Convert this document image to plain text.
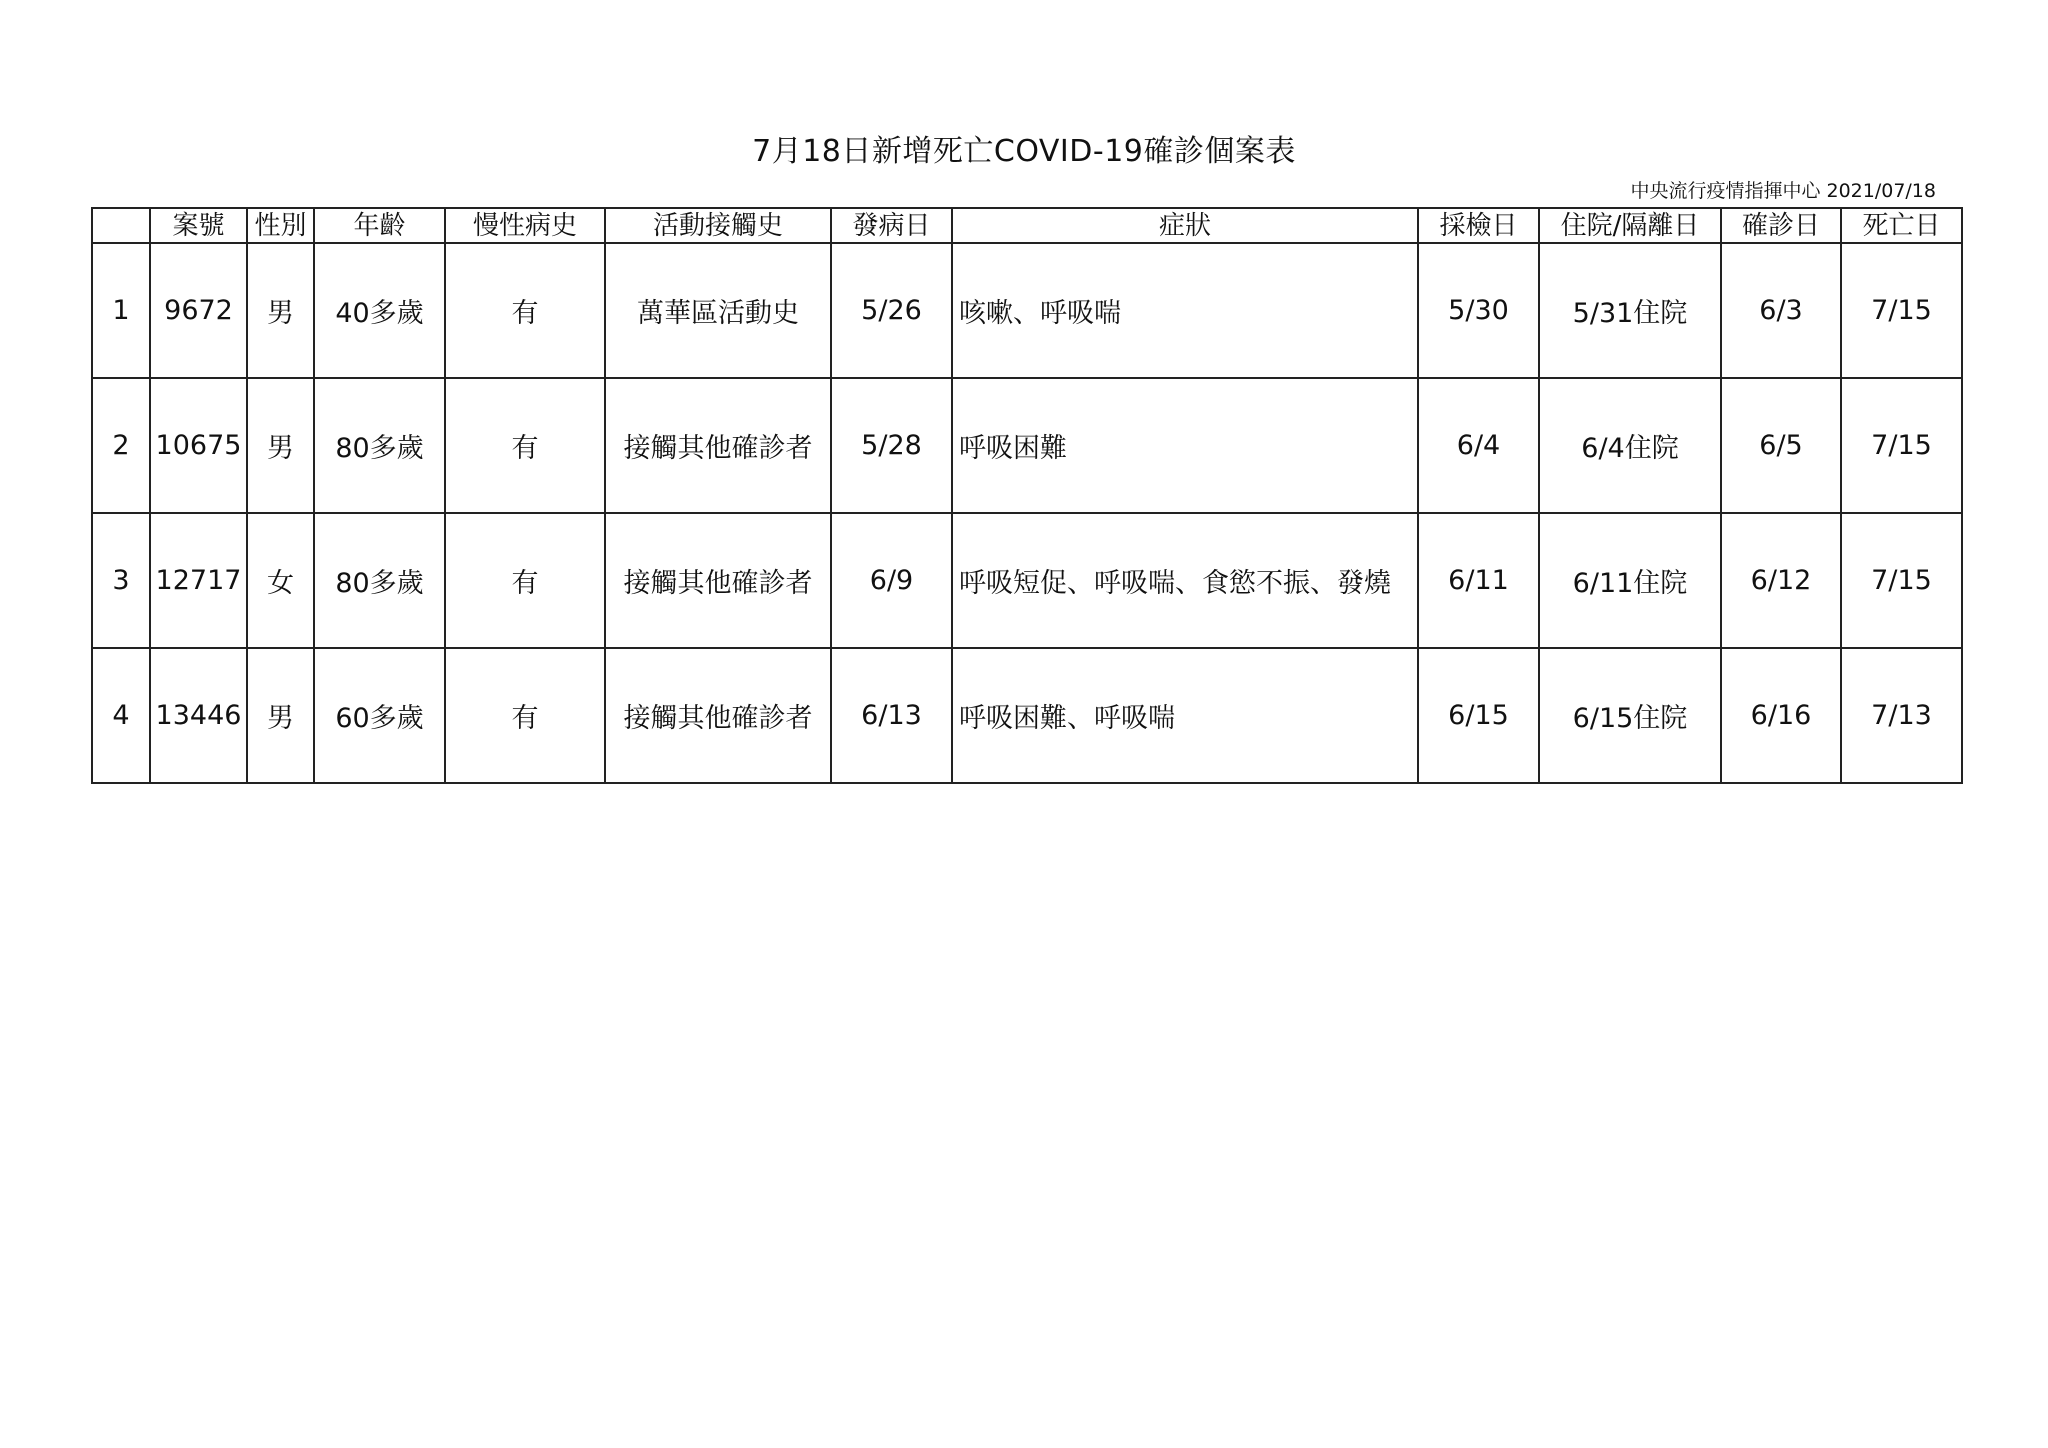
7月18日新增死亡COVID-19確診個案表
中央流行疫情指揮中心 2021/07/18
	案號	性別	年齡	慢性病史	活動接觸史	發病日	症狀	採檢日	住院/隔離日	確診日	死亡日
1	9672	男	40多歲	有	萬華區活動史	5/26	咳嗽、呼吸喘	5/30	5/31住院	6/3	7/15
2	10675	男	80多歲	有	接觸其他確診者	5/28	呼吸困難	6/4	6/4住院	6/5	7/15
3	12717	女	80多歲	有	接觸其他確診者	6/9	呼吸短促、呼吸喘、食慾不振、發燒	6/11	6/11住院	6/12	7/15
4	13446	男	60多歲	有	接觸其他確診者	6/13	呼吸困難、呼吸喘	6/15	6/15住院	6/16	7/13
